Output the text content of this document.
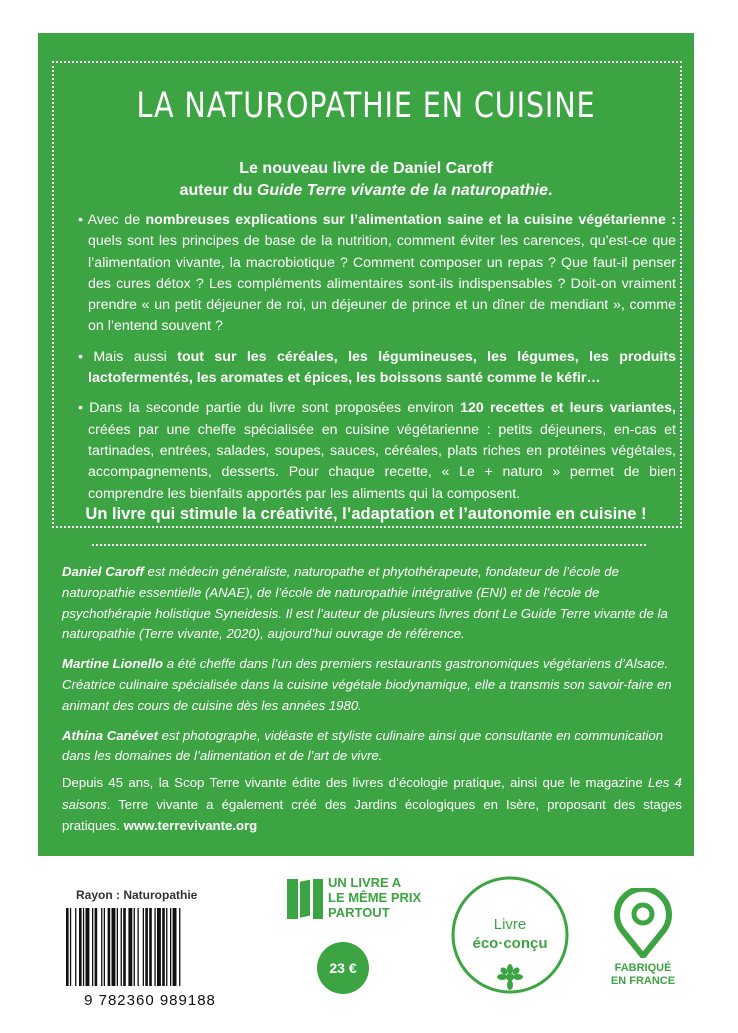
LA NATUROPATHIE EN CUISINE
Le nouveau livre de Daniel Caroff
auteur du Guide Terre vivante de la naturopathie.
• Avec de nombreuses explications sur l’alimentation saine et la cuisine végétarienne : quels sont les principes de base de la nutrition, comment éviter les carences, qu’est-ce que l’alimentation vivante, la macrobiotique ? Comment composer un repas ? Que faut-il penser des cures détox ? Les compléments alimentaires sont-ils indispensables ? Doit-on vraiment prendre « un petit déjeuner de roi, un déjeuner de prince et un dîner de mendiant », comme on l’entend souvent ?
• Mais aussi tout sur les céréales, les légumineuses, les légumes, les produits lactofermentés, les aromates et épices, les boissons santé comme le kéfir…
• Dans la seconde partie du livre sont proposées environ 120 recettes et leurs variantes, créées par une cheffe spécialisée en cuisine végétarienne : petits déjeuners, en-cas et tartinades, entrées, salades, soupes, sauces, céréales, plats riches en protéines végétales, accompagnements, desserts. Pour chaque recette, « Le + naturo » permet de bien comprendre les bienfaits apportés par les aliments qui la composent.
Un livre qui stimule la créativité, l’adaptation et l’autonomie en cuisine !

Daniel Caroff est médecin généraliste, naturopathe et phytothérapeute, fondateur de l’école de naturopathie essentielle (ANAE), de l’école de naturopathie intégrative (ENI) et de l’école de psychothérapie holistique Syneidesis. Il est l’auteur de plusieurs livres dont Le Guide Terre vivante de la naturopathie (Terre vivante, 2020), aujourd’hui ouvrage de référence.

Martine Lionello a été cheffe dans l’un des premiers restaurants gastronomiques végétariens d’Alsace. Créatrice culinaire spécialisée dans la cuisine végétale biodynamique, elle a transmis son savoir-faire en animant des cours de cuisine dès les années 1980.

Athina Canévet est photographe, vidéaste et styliste culinaire ainsi que consultante en communication dans les domaines de l’alimentation et de l’art de vivre.

Depuis 45 ans, la Scop Terre vivante édite des livres d’écologie pratique, ainsi que le magazine Les 4 saisons. Terre vivante a également créé des Jardins écologiques en Isère, proposant des stages pratiques. www.terrevivante.org
Rayon : Naturopathie
9 782360 989188
UN LIVRE A
LE MÊME PRIX
PARTOUT
23 €
Livre
éco·conçu
FABRIQUÉ
EN FRANCE
